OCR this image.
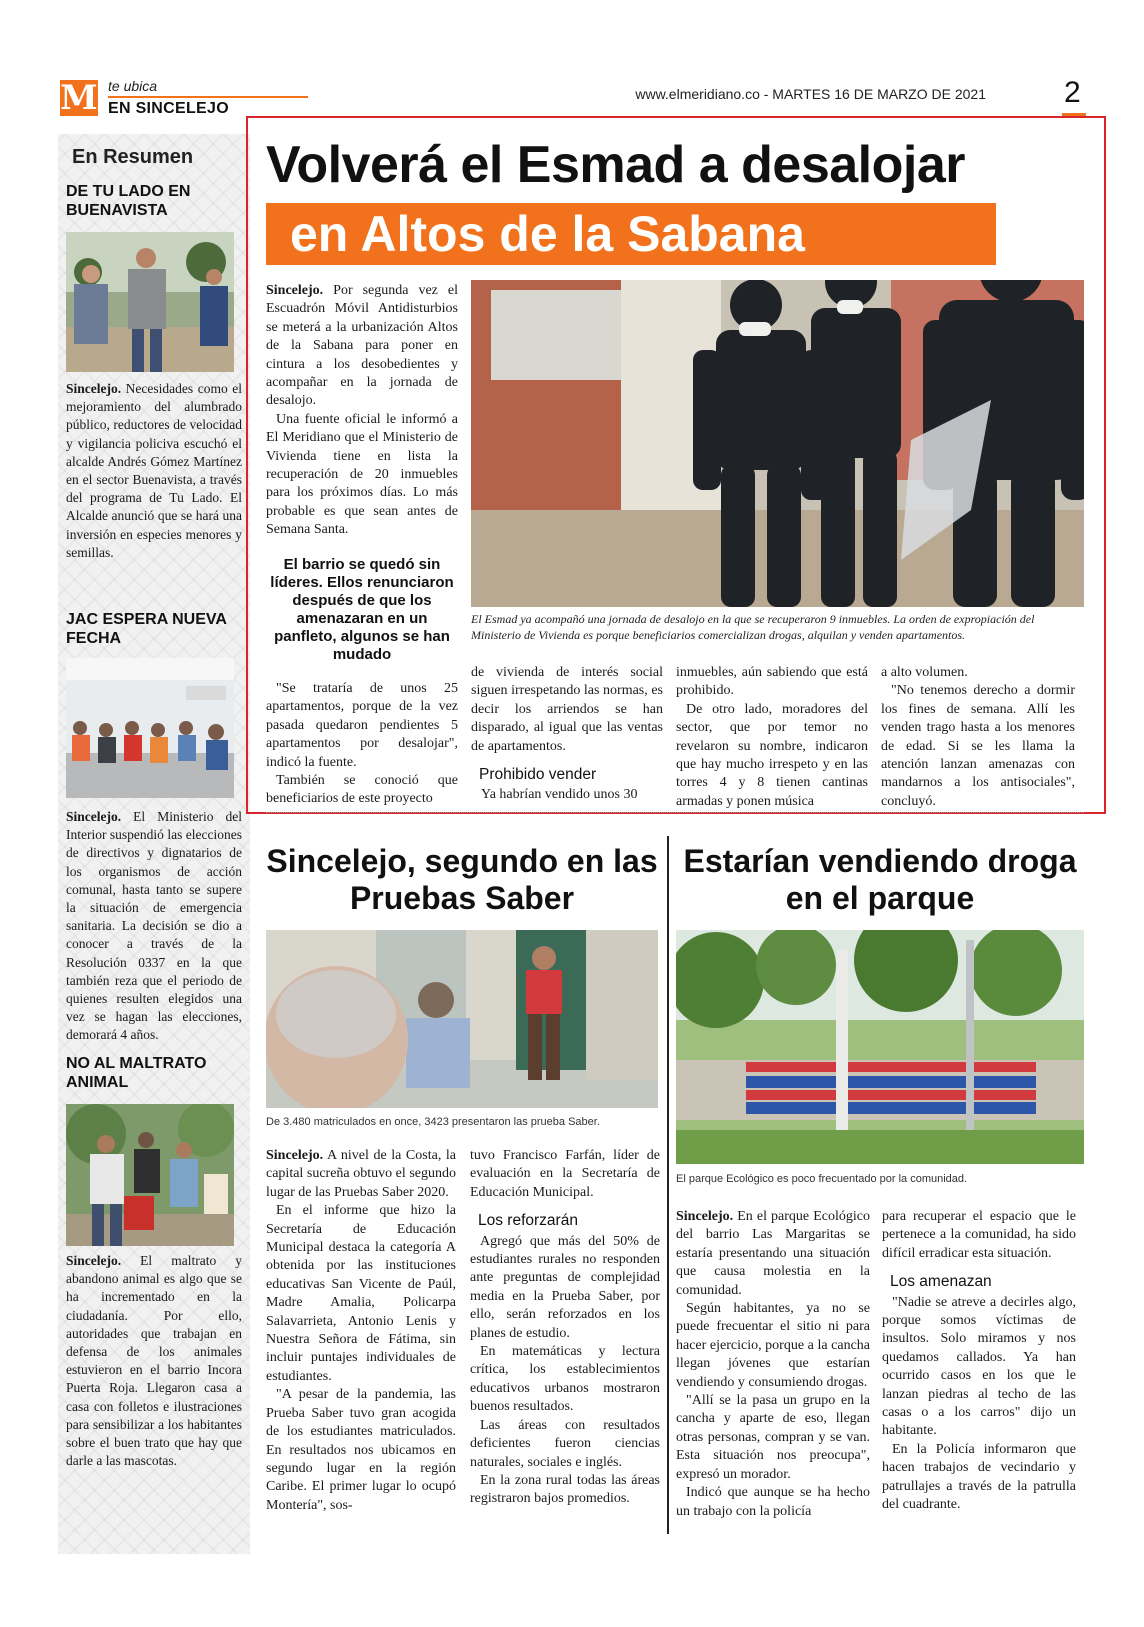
M te ubica
EN SINCELEJO
www.elmeridiano.co - MARTES 16 DE MARZO DE 2021	2
En Resumen
DE TU LADO EN BUENAVISTA
Sincelejo. Necesidades como el mejoramiento del alumbrado público, reductores de velocidad y vigilancia policiva escuchó el alcalde Andrés Gómez Martínez en el sector Buenavista, a través del programa de Tu Lado. El Alcalde anunció que se hará una inversión en especies menores y semillas.
JAC ESPERA NUEVA FECHA
Sincelejo. El Ministerio del Interior suspendió las elecciones de directivos y dignatarios de los organismos de acción comunal, hasta tanto se supere la situación de emergencia sanitaria. La decisión se dio a conocer a través de la Resolución 0337 en la que también reza que el periodo de quienes resulten elegidos una vez se hagan las elecciones, demorará 4 años.
NO AL MALTRATO ANIMAL
Sincelejo. El maltrato y abandono animal es algo que se ha incrementado en la ciudadanía. Por ello, autoridades que trabajan en defensa de los animales estuvieron en el barrio Incora Puerta Roja. Llegaron casa a casa con folletos e ilustraciones para sensibilizar a los habitantes sobre el buen trato que hay que darle a las mascotas.
Volverá el Esmad a desalojar
en Altos de la Sabana
El Esmad ya acompañó una jornada de desalojo en la que se recuperaron 9 inmuebles. La orden de expropiación del Ministerio de Vivienda es porque beneficiarios comercializan drogas, alquilan y venden apartamentos.

Sincelejo. Por segunda vez el Escuadrón Móvil Antidisturbios se meterá a la urbanización Altos de la Sabana para poner en cintura a los desobedientes y acompañar en la jornada de desalojo.

Una fuente oficial le informó a El Meridiano que el Ministerio de Vivienda tiene en lista la recuperación de 20 inmuebles para los próximos días. Lo más probable es que sean antes de Semana Santa.

El barrio se quedó sin líderes. Ellos renunciaron después de que los amenazaran en un panfleto, algunos se han mudado

"Se trataría de unos 25 apartamentos, porque de la vez pasada quedaron pendientes 5 apartamentos por desalojar", indicó la fuente.

También se conoció que beneficiarios de este proyecto

de vivienda de interés social siguen irrespetando las normas, es decir los arriendos se han disparado, al igual que las ventas de apartamentos.

Prohibido vender

Ya habrían vendido unos 30

inmuebles, aún sabiendo que está prohibido.

De otro lado, moradores del sector, que por temor no revelaron su nombre, indicaron que hay mucho irrespeto y en las torres 4 y 8 tienen cantinas armadas y ponen música

a alto volumen.

"No tenemos derecho a dormir los fines de semana. Allí les venden trago hasta a los menores de edad. Si se les llama la atención lanzan amenazas con mandarnos a los antisociales", concluyó.

Sincelejo, segundo en las Pruebas Saber
De 3.480 matriculados en once, 3423 presentaron las prueba Saber.

Sincelejo. A nivel de la Costa, la capital sucreña obtuvo el segundo lugar de las Pruebas Saber 2020.

En el informe que hizo la Secretaría de Educación Municipal destaca la categoría A obtenida por las instituciones educativas San Vicente de Paúl, Madre Amalia, Policarpa Salavarrieta, Antonio Lenis y Nuestra Señora de Fátima, sin incluir puntajes individuales de estudiantes.

"A pesar de la pandemia, las Prueba Saber tuvo gran acogida de los estudiantes matriculados. En resultados nos ubicamos en segundo lugar en la región Caribe. El primer lugar lo ocupó Montería", sos-

tuvo Francisco Farfán, líder de evaluación en la Secretaría de Educación Municipal.

Los reforzarán

Agregó que más del 50% de estudiantes rurales no responden ante preguntas de complejidad media en la Prueba Saber, por ello, serán reforzados en los planes de estudio.

En matemáticas y lectura crítica, los establecimientos educativos urbanos mostraron buenos resultados.

Las áreas con resultados deficientes fueron ciencias naturales, sociales e inglés.

En la zona rural todas las áreas registraron bajos promedios.

Estarían vendiendo droga en el parque
El parque Ecológico es poco frecuentado por la comunidad.

Sincelejo. En el parque Ecológico del barrio Las Margaritas se estaría presentando una situación que causa molestia en la comunidad.

Según habitantes, ya no se puede frecuentar el sitio ni para hacer ejercicio, porque a la cancha llegan jóvenes que estarían vendiendo y consumiendo drogas.

"Allí se la pasa un grupo en la cancha y aparte de eso, llegan otras personas, compran y se van. Esta situación nos preocupa", expresó un morador.

Indicó que aunque se ha hecho un trabajo con la policía

para recuperar el espacio que le pertenece a la comunidad, ha sido difícil erradicar esta situación.

Los amenazan

"Nadie se atreve a decirles algo, porque somos víctimas de insultos. Solo miramos y nos quedamos callados. Ya han ocurrido casos en los que le lanzan piedras al techo de las casas o a los carros" dijo un habitante.

En la Policía informaron que hacen trabajos de vecindario y patrullajes a través de la patrulla del cuadrante.
